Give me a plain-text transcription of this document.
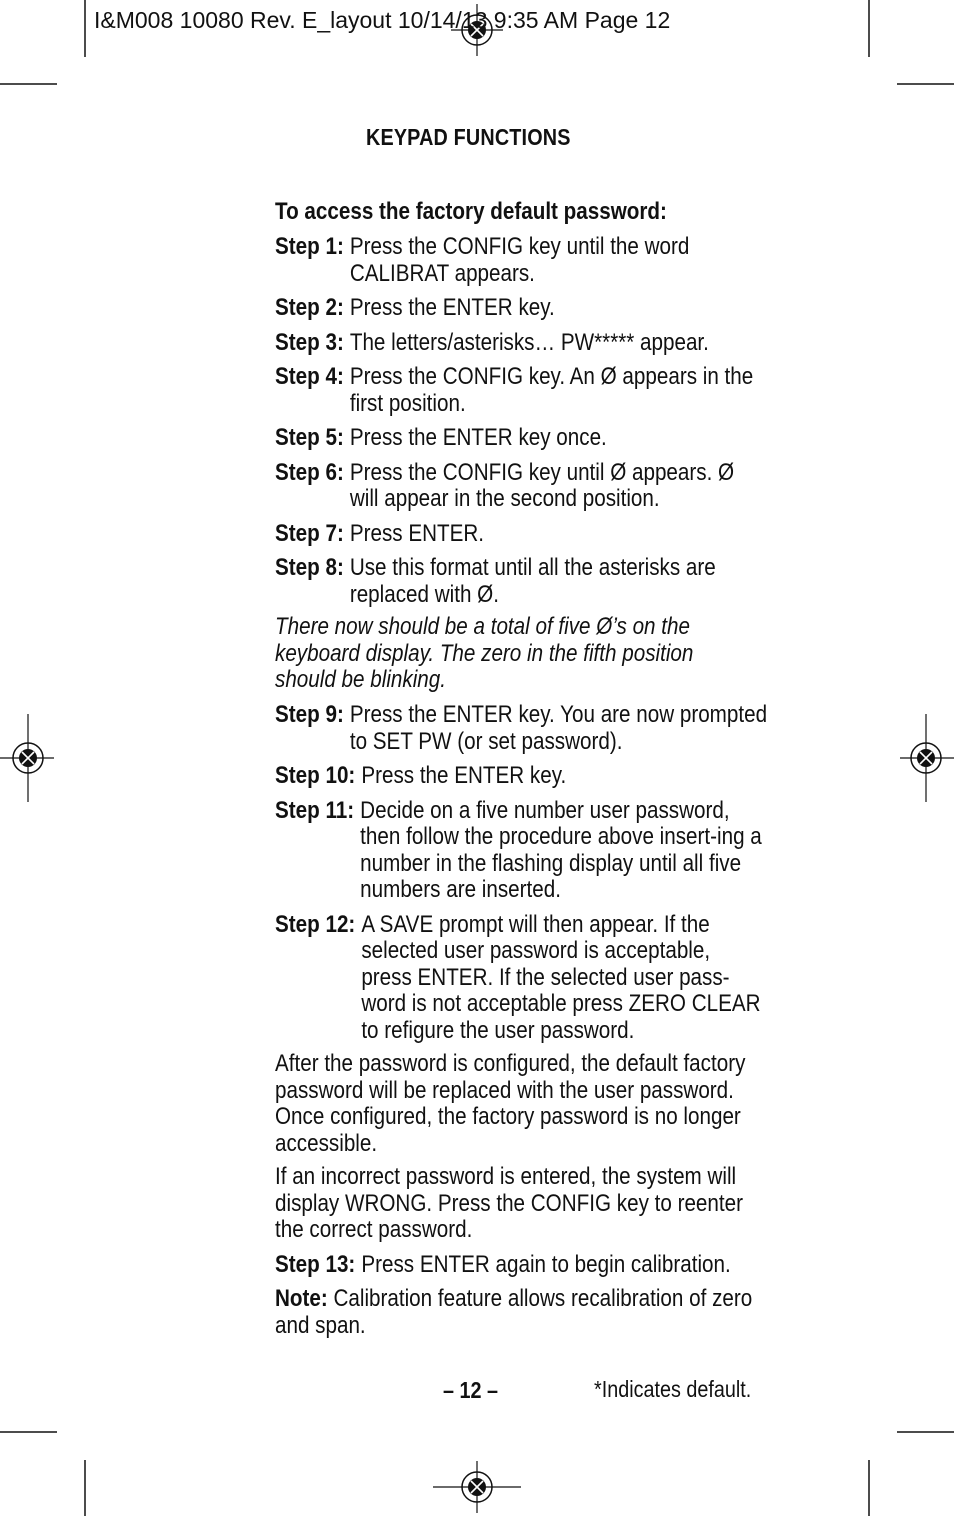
I&M008 10080 Rev. E_layout 10/14/13 9:35 AM Page 12
KEYPAD FUNCTIONS
To access the factory default password:
Step 1: Press the CONFIG key until the word CALIBRAT appears.
Step 2: Press the ENTER key.
Step 3: The letters/asterisks… PW***** appear.
Step 4: Press the CONFIG key. An Ø appears in the first position.
Step 5: Press the ENTER key once.
Step 6: Press the CONFIG key until Ø appears. Ø will appear in the second position.
Step 7: Press ENTER.
Step 8: Use this format until all the asterisks are replaced with Ø.
There now should be a total of five Ø’s on the keyboard display. The zero in the fifth position should be blinking.
Step 9: Press the ENTER key. You are now prompted to SET PW (or set password).
Step 10: Press the ENTER key.
Step 11: Decide on a five number user password, then follow the procedure above insert-ing a number in the flashing display until all five numbers are inserted.
Step 12: A SAVE prompt will then appear. If the selected user password is acceptable, press ENTER. If the selected user pass-word is not acceptable press ZERO CLEAR to refigure the user password.
After the password is configured, the default factory password will be replaced with the user password. Once configured, the factory password is no longer accessible.
If an incorrect password is entered, the system will display WRONG. Press the CONFIG key to reenter the correct password.
Step 13: Press ENTER again to begin calibration.
Note: Calibration feature allows recalibration of zero and span.
– 12 –	*Indicates default.
